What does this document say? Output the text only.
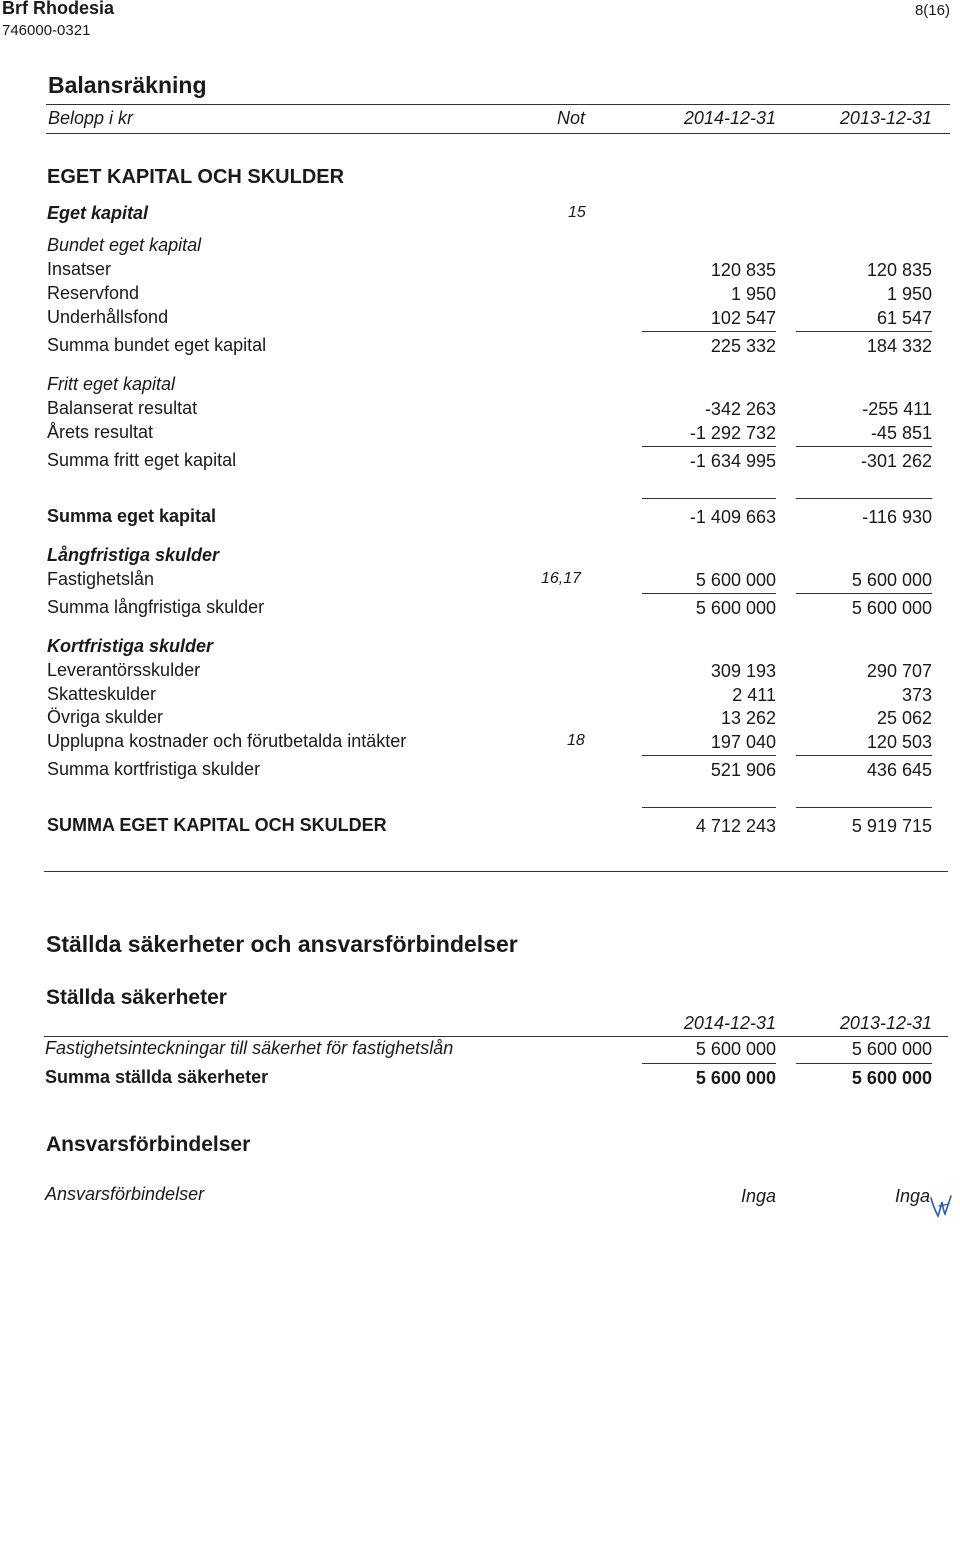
Brf Rhodesia
746000-0321
8(16)
Balansräkning
Belopp i kr	Not	2014-12-31	2013-12-31
EGET KAPITAL OCH SKULDER
Eget kapital	15
Bundet eget kapital
Insatser	120 835	120 835
Reservfond	1 950	1 950
Underhållsfond	102 547	61 547
Summa bundet eget kapital	225 332	184 332
Fritt eget kapital
Balanserat resultat	-342 263	-255 411
Årets resultat	-1 292 732	-45 851
Summa fritt eget kapital	-1 634 995	-301 262
Summa eget kapital	-1 409 663	-116 930
Långfristiga skulder
Fastighetslån	16,17	5 600 000	5 600 000
Summa långfristiga skulder	5 600 000	5 600 000
Kortfristiga skulder
Leverantörsskulder	309 193	290 707
Skatteskulder	2 411	373
Övriga skulder	13 262	25 062
Upplupna kostnader och förutbetalda intäkter	18	197 040	120 503
Summa kortfristiga skulder	521 906	436 645
SUMMA EGET KAPITAL OCH SKULDER	4 712 243	5 919 715
Ställda säkerheter och ansvarsförbindelser
Ställda säkerheter
2014-12-31	2013-12-31
Fastighetsinteckningar till säkerhet för fastighetslån	5 600 000	5 600 000
Summa ställda säkerheter	5 600 000	5 600 000
Ansvarsförbindelser
Ansvarsförbindelser	Inga	Inga
